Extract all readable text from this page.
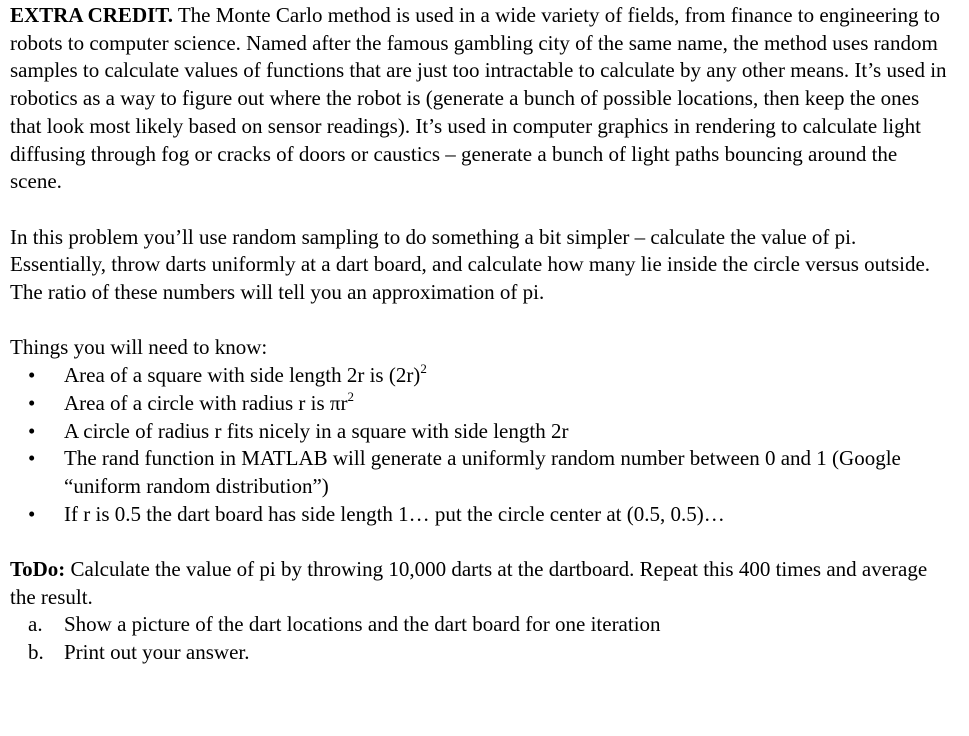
EXTRA CREDIT. The Monte Carlo method is used in a wide variety of fields, from finance to engineering to robots to computer science. Named after the famous gambling city of the same name, the method uses random samples to calculate values of functions that are just too intractable to calculate by any other means. It’s used in robotics as a way to figure out where the robot is (generate a bunch of possible locations, then keep the ones that look most likely based on sensor readings). It’s used in computer graphics in rendering to calculate light diffusing through fog or cracks of doors or caustics – generate a bunch of light paths bouncing around the scene.

In this problem you’ll use random sampling to do something a bit simpler – calculate the value of pi. Essentially, throw darts uniformly at a dart board, and calculate how many lie inside the circle versus outside. The ratio of these numbers will tell you an approximation of pi.

Things you will need to know:

• Area of a square with side length 2r is $(2r)^2$
• Area of a circle with radius r is $\pi r^2$
• A circle of radius r fits nicely in a square with side length 2r
• The rand function in MATLAB will generate a uniformly random number between 0 and 1 (Google “uniform random distribution”)
• If r is 0.5 the dart board has side length 1… put the circle center at (0.5, 0.5)…

ToDo: Calculate the value of pi by throwing 10,000 darts at the dartboard. Repeat this 400 times and average the result.

a. Show a picture of the dart locations and the dart board for one iteration
b. Print out your answer.
